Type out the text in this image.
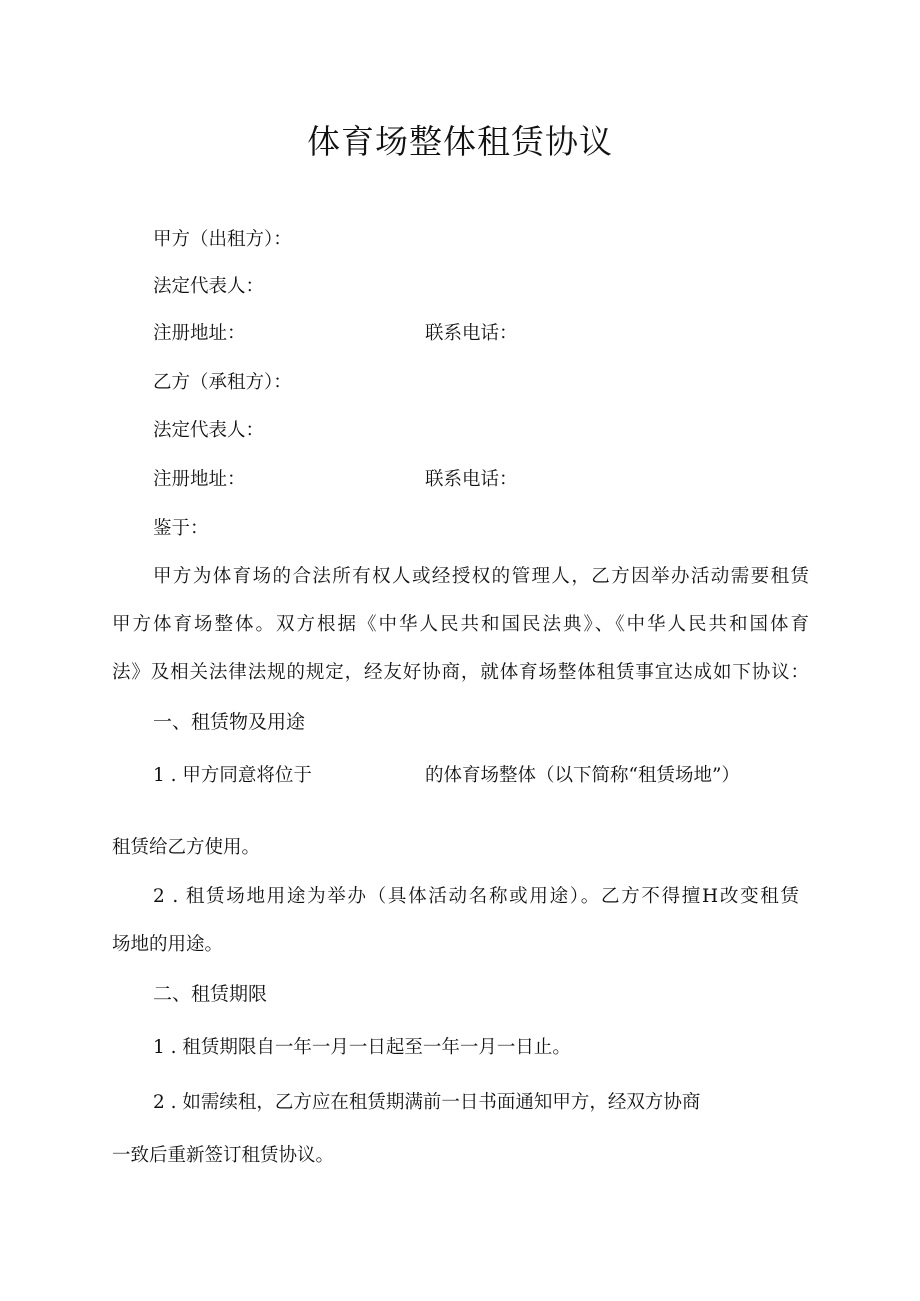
体育场整体租赁协议
甲方（出租方）：
法定代表人：
注册地址：	联系电话：
乙方（承租方）：
法定代表人：
注册地址：	联系电话：
鉴于：
甲方为体育场的合法所有权人或经授权的管理人，乙方因举办活动需要租赁
甲方体育场整体。双方根据《中华人民共和国民法典》、《中华人民共和国体育
法》及相关法律法规的规定，经友好协商，就体育场整体租赁事宜达成如下协议：
一、租赁物及用途
1 . 甲方同意将位于	的体育场整体（以下简称“租赁场地”）
租赁给乙方使用。
2 . 租赁场地用途为举办（具体活动名称或用途）。乙方不得擅H改变租赁
场地的用途。
二、租赁期限
1 . 租赁期限自一年一月一日起至一年一月一日止。
2 . 如需续租，乙方应在租赁期满前一日书面通知甲方，经双方协商
一致后重新签订租赁协议。
